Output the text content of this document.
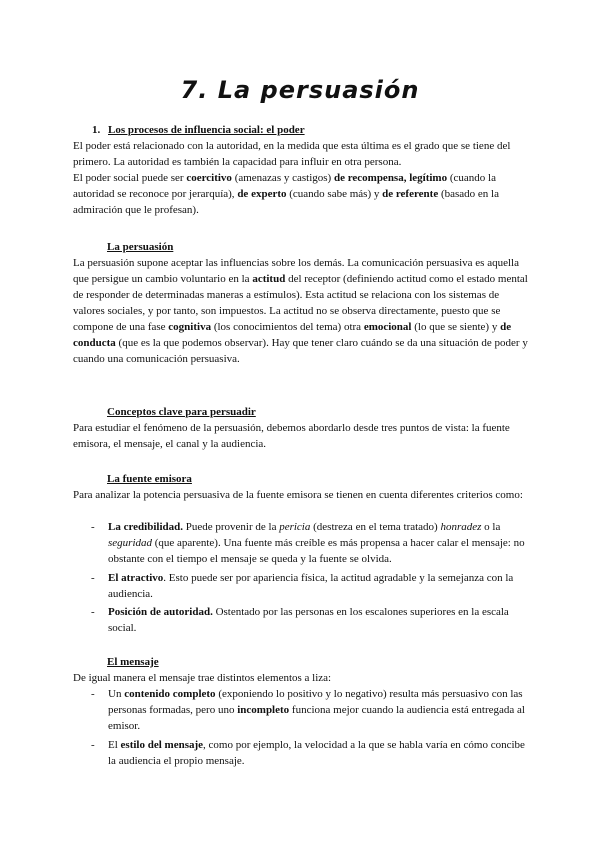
7. La persuasión
1. Los procesos de influencia social: el poder

El poder está relacionado con la autoridad, en la medida que esta última es el grado que se tiene del primero. La autoridad es también la capacidad para influir en otra persona.

El poder social puede ser coercitivo (amenazas y castigos) de recompensa, legítimo (cuando la autoridad se reconoce por jerarquía), de experto (cuando sabe más) y de referente (basado en la admiración que le profesan).

La persuasión

La persuasión supone aceptar las influencias sobre los demás. La comunicación persuasiva es aquella que persigue un cambio voluntario en la actitud del receptor (definiendo actitud como el estado mental de responder de determinadas maneras a estímulos). Esta actitud se relaciona con los sistemas de valores sociales, y por tanto, son impuestos. La actitud no se observa directamente, puesto que se compone de una fase cognitiva (los conocimientos del tema) otra emocional (lo que se siente) y de conducta (que es la que podemos observar). Hay que tener claro cuándo se da una situación de poder y cuando una comunicación persuasiva.

Conceptos clave para persuadir

Para estudiar el fenómeno de la persuasión, debemos abordarlo desde tres puntos de vista: la fuente emisora, el mensaje, el canal y la audiencia.

La fuente emisora

Para analizar la potencia persuasiva de la fuente emisora se tienen en cuenta diferentes criterios como:

- La credibilidad. Puede provenir de la pericia (destreza en el tema tratado) honradez o la seguridad (que aparente). Una fuente más creíble es más propensa a hacer calar el mensaje: no obstante con el tiempo el mensaje se queda y la fuente se olvida.
- El atractivo. Esto puede ser por apariencia física, la actitud agradable y la semejanza con la audiencia.
- Posición de autoridad. Ostentado por las personas en los escalones superiores en la escala social.
El mensaje

De igual manera el mensaje trae distintos elementos a liza:

- Un contenido completo (exponiendo lo positivo y lo negativo) resulta más persuasivo con las personas formadas, pero uno incompleto funciona mejor cuando la audiencia está entregada al emisor.
- El estilo del mensaje, como por ejemplo, la velocidad a la que se habla varía en cómo concibe la audiencia el propio mensaje.
